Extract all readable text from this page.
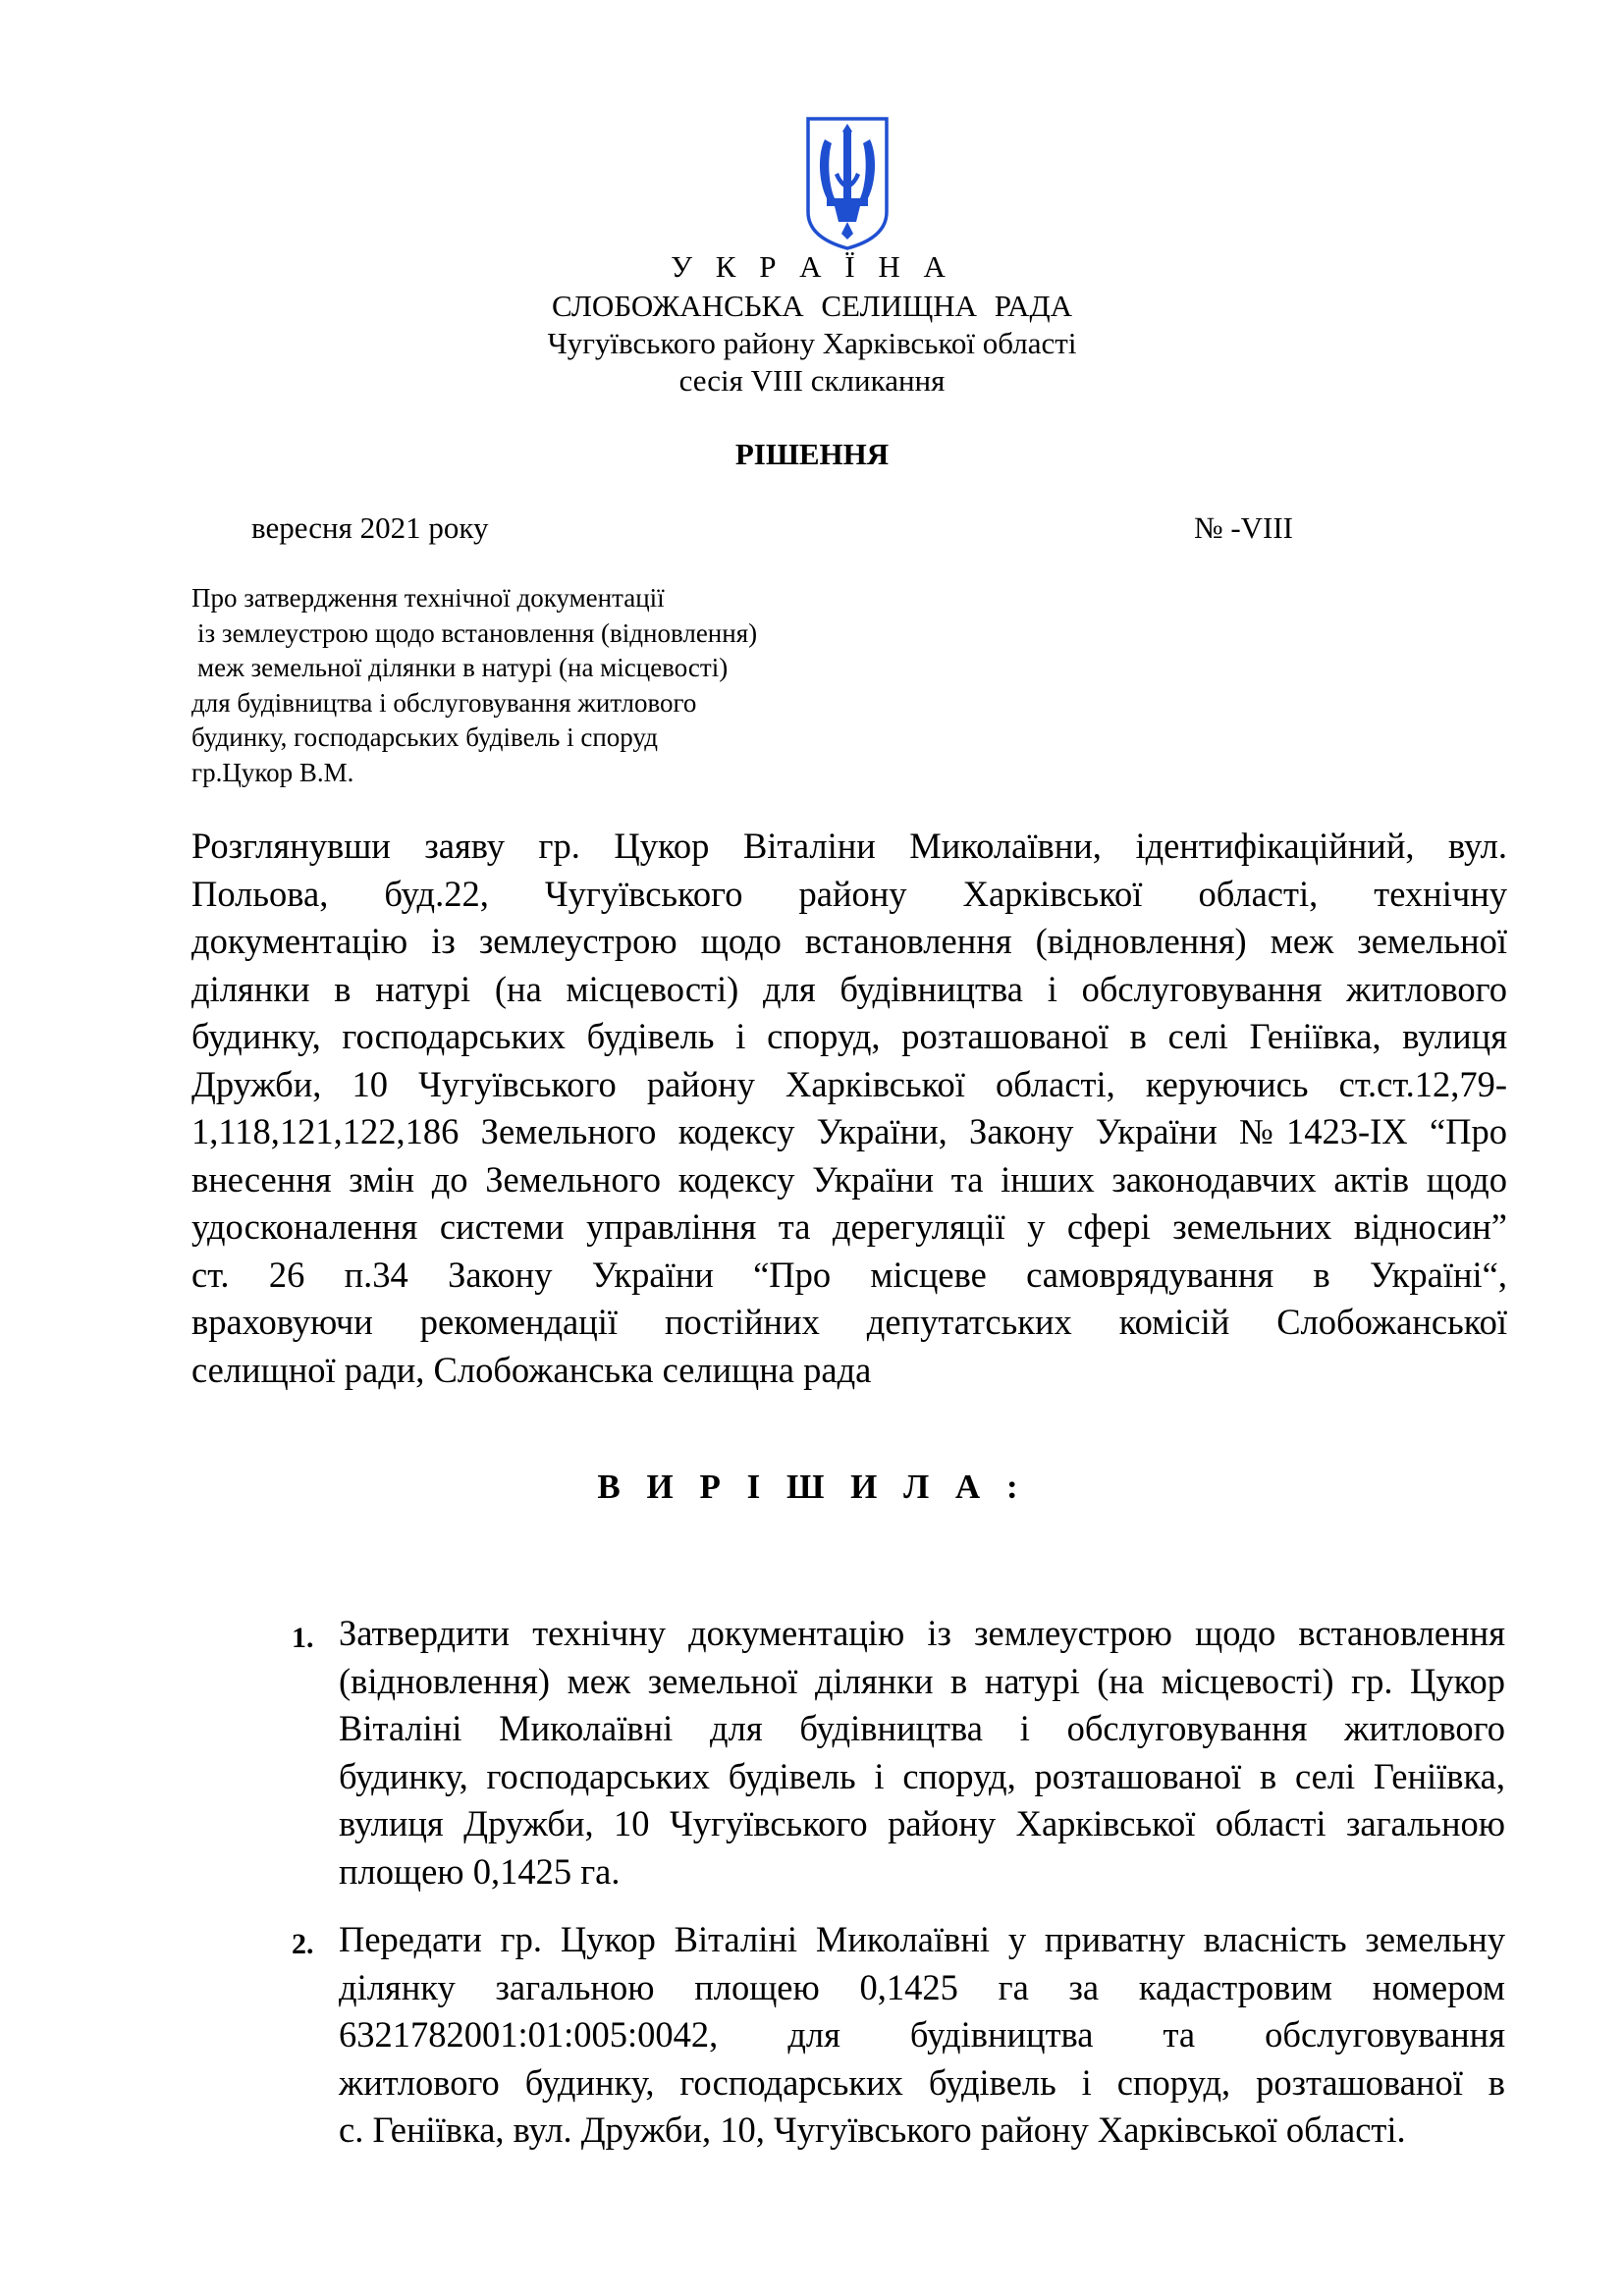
У К Р А Ї Н А
СЛОБОЖАНСЬКА СЕЛИЩНА РАДА
Чугуївського району Харківської області
сесія VIII скликання
РІШЕННЯ
вересня 2021 року	№ -VIII
Про затвердження технічної документації
із землеустрою щодо встановлення (відновлення)
меж земельної ділянки в натурі (на місцевості)
для будівництва і обслуговування житлового
будинку, господарських будівель і споруд
гр.Цукор В.М.
Розглянувши заяву гр. Цукор Віталіни Миколаївни, ідентифікаційний, вул.
Польова, буд.22, Чугуївського району Харківської області, технічну
документацію із землеустрою щодо встановлення (відновлення) меж земельної
ділянки в натурі (на місцевості) для будівництва і обслуговування житлового
будинку, господарських будівель і споруд, розташованої в селі Геніївка, вулиця
Дружби, 10 Чугуївського району Харківської області, керуючись ст.ст.12,79-
1,118,121,122,186 Земельного кодексу України, Закону України №1423-ІХ “Про
внесення змін до Земельного кодексу України та інших законодавчих актів щодо
удосконалення системи управління та дерегуляції у сфері земельних відносин”
ст. 26 п.34 Закону України “Про місцеве самоврядування в Україні“,
враховуючи рекомендації постійних депутатських комісій Слобожанської
селищної ради, Слобожанська селищна рада
В И Р І Ш И Л А :
1. Затвердити технічну документацію із землеустрою щодо встановлення
(відновлення) меж земельної ділянки в натурі (на місцевості) гр. Цукор
Віталіні Миколаївні для будівництва і обслуговування житлового
будинку, господарських будівель і споруд, розташованої в селі Геніївка,
вулиця Дружби, 10 Чугуївського району Харківської області загальною
площею 0,1425 га.
2. Передати гр. Цукор Віталіні Миколаївні у приватну власність земельну
ділянку загальною площею 0,1425 га за кадастровим номером
6321782001:01:005:0042, для будівництва та обслуговування
житлового будинку, господарських будівель і споруд, розташованої в
с. Геніївка, вул. Дружби, 10, Чугуївського району Харківської області.
